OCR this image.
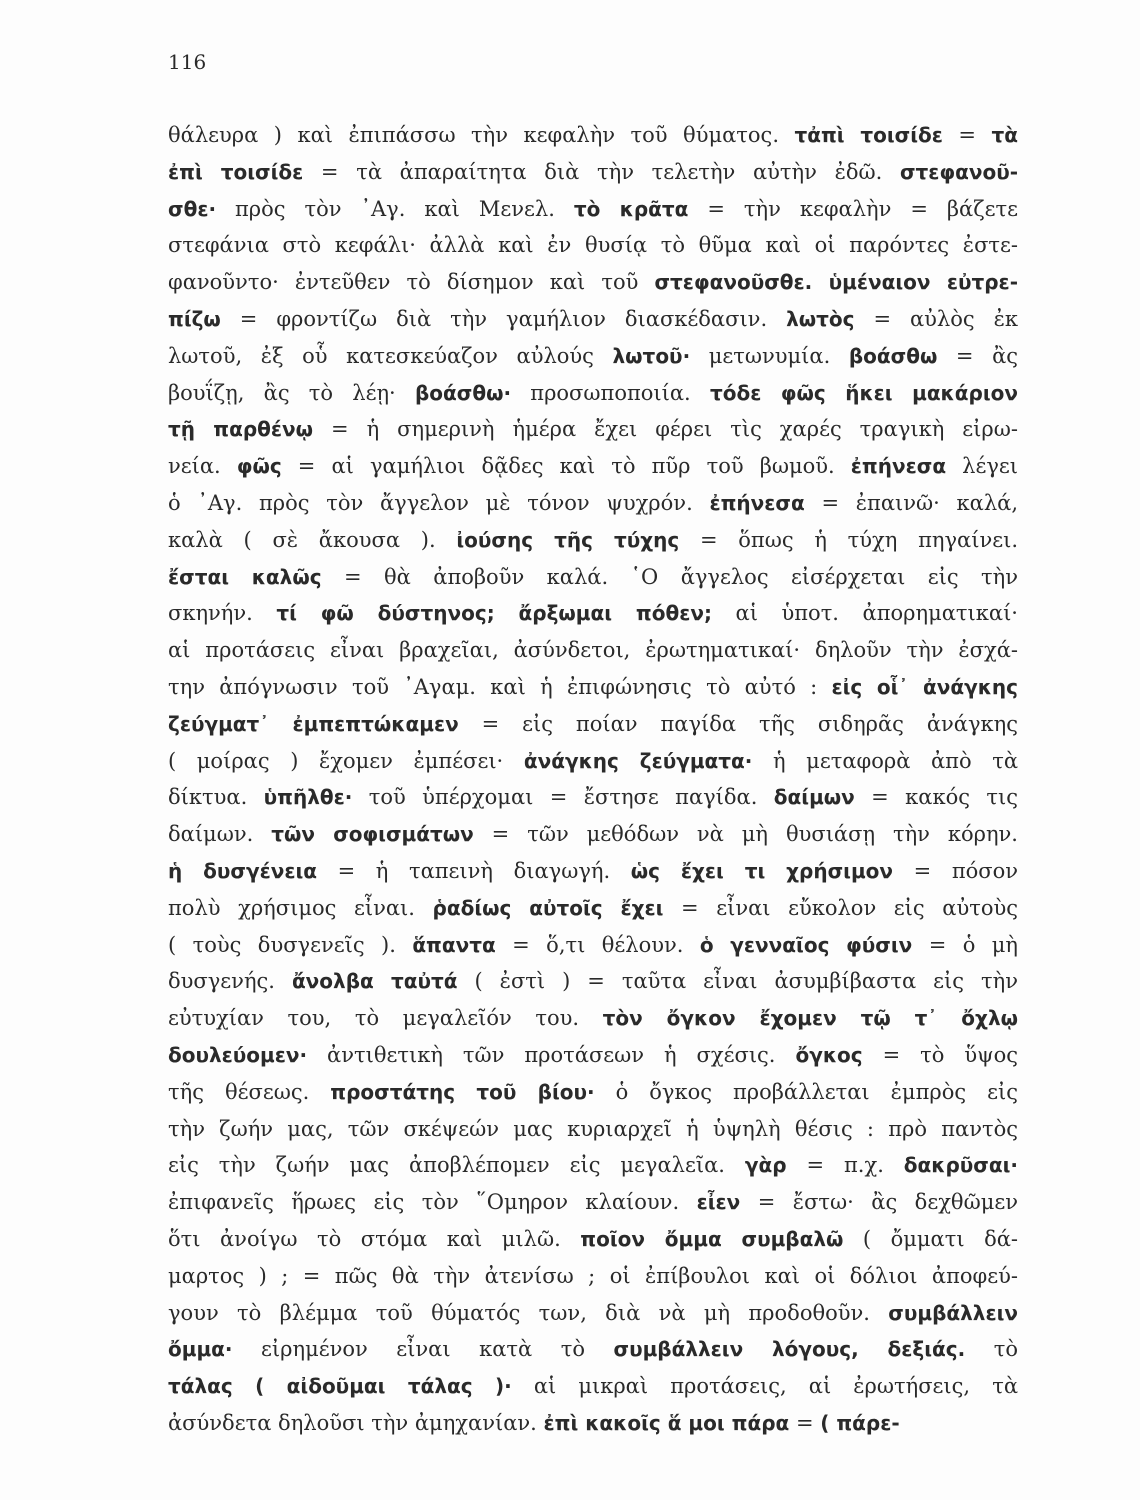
116
θάλευρα ) καὶ ἐπιπάσσω τὴν κεφαλὴν τοῦ θύματος. τἀπὶ τοισίδε = τὰ
ἐπὶ τοισίδε = τὰ ἀπαραίτητα διὰ τὴν τελετὴν αὐτὴν ἐδῶ. στεφανοῦ-
σθε· πρὸς τὸν ᾿Αγ. καὶ Μενελ. τὸ κρᾶτα = τὴν κεφαλὴν = βάζετε
στεφάνια στὸ κεφάλι· ἀλλὰ καὶ ἐν θυσίᾳ τὸ θῦμα καὶ οἱ παρόντες ἐστε-
φανοῦντο· ἐντεῦθεν τὸ δίσημον καὶ τοῦ στεφανοῦσθε. ὑμέναιον εὐτρε-
πίζω = φροντίζω διὰ τὴν γαμήλιον διασκέδασιν. λωτὸς = αὐλὸς ἐκ
λωτοῦ, ἐξ οὗ κατεσκεύαζον αὐλούς λωτοῦ· μετωνυμία. βοάσθω = ἂς
βουΐζῃ, ἂς τὸ λέῃ· βοάσθω· προσωποποιία. τόδε φῶς ἥκει μακάριον
τῇ παρθένῳ = ἡ σημερινὴ ἡμέρα ἔχει φέρει τὶς χαρές τραγικὴ εἰρω-
νεία. φῶς = αἱ γαμήλιοι δᾷδες καὶ τὸ πῦρ τοῦ βωμοῦ. ἐπήνεσα λέγει
ὁ ᾿Αγ. πρὸς τὸν ἄγγελον μὲ τόνον ψυχρόν. ἐπήνεσα = ἐπαινῶ· καλά,
καλὰ ( σὲ ἄκουσα ). ἰούσης τῆς τύχης = ὅπως ἡ τύχη πηγαίνει.
ἔσται καλῶς = θὰ ἀποβοῦν καλά. ῾Ο ἄγγελος εἰσέρχεται εἰς τὴν
σκηνήν. τί φῶ δύστηνος; ἄρξωμαι πόθεν; αἱ ὑποτ. ἀπορηματικαί·
αἱ προτάσεις εἶναι βραχεῖαι, ἀσύνδετοι, ἐρωτηματικαί· δηλοῦν τὴν ἐσχά-
την ἀπόγνωσιν τοῦ ᾿Αγαμ. καὶ ἡ ἐπιφώνησις τὸ αὐτό : εἰς οἷ᾿ ἀνάγκης
ζεύγματ᾿ ἐμπεπτώκαμεν = εἰς ποίαν παγίδα τῆς σιδηρᾶς ἀνάγκης
( μοίρας ) ἔχομεν ἐμπέσει· ἀνάγκης ζεύγματα· ἡ μεταφορὰ ἀπὸ τὰ
δίκτυα. ὑπῆλθε· τοῦ ὑπέρχομαι = ἔστησε παγίδα. δαίμων = κακός τις
δαίμων. τῶν σοφισμάτων = τῶν μεθόδων νὰ μὴ θυσιάσῃ τὴν κόρην.
ἡ δυσγένεια = ἡ ταπεινὴ διαγωγή. ὡς ἔχει τι χρήσιμον = πόσον
πολὺ χρήσιμος εἶναι. ῥαδίως αὐτοῖς ἔχει = εἶναι εὔκολον εἰς αὐτοὺς
( τοὺς δυσγενεῖς ). ἅπαντα = ὅ,τι θέλουν. ὁ γενναῖος φύσιν = ὁ μὴ
δυσγενής. ἄνολβα ταὐτά ( ἐστὶ ) = ταῦτα εἶναι ἀσυμβίβαστα εἰς τὴν
εὐτυχίαν του, τὸ μεγαλεῖόν του. τὸν ὄγκον ἔχομεν τῷ τ᾿ ὄχλῳ
δουλεύομεν· ἀντιθετικὴ τῶν προτάσεων ἡ σχέσις. ὄγκος = τὸ ὕψος
τῆς θέσεως. προστάτης τοῦ βίου· ὁ ὄγκος προβάλλεται ἐμπρὸς εἰς
τὴν ζωήν μας, τῶν σκέψεών μας κυριαρχεῖ ἡ ὑψηλὴ θέσις : πρὸ παντὸς
εἰς τὴν ζωήν μας ἀποβλέπομεν εἰς μεγαλεῖα. γὰρ = π.χ. δακρῦσαι·
ἐπιφανεῖς ἥρωες εἰς τὸν ῞Ομηρον κλαίουν. εἶεν = ἔστω· ἂς δεχθῶμεν
ὅτι ἀνοίγω τὸ στόμα καὶ μιλῶ. ποῖον ὄμμα συμβαλῶ ( ὄμματι δά-
μαρτος ) ; = πῶς θὰ τὴν ἀτενίσω ; οἱ ἐπίβουλοι καὶ οἱ δόλιοι ἀποφεύ-
γουν τὸ βλέμμα τοῦ θύματός των, διὰ νὰ μὴ προδοθοῦν. συμβάλλειν
ὄμμα· εἰρημένον εἶναι κατὰ τὸ συμβάλλειν λόγους, δεξιάς. τὸ
τάλας ( αἰδοῦμαι τάλας )· αἱ μικραὶ προτάσεις, αἱ ἐρωτήσεις, τὰ
ἀσύνδετα δηλοῦσι τὴν ἀμηχανίαν. ἐπὶ κακοῖς ἅ μοι πάρα = ( πάρε-
